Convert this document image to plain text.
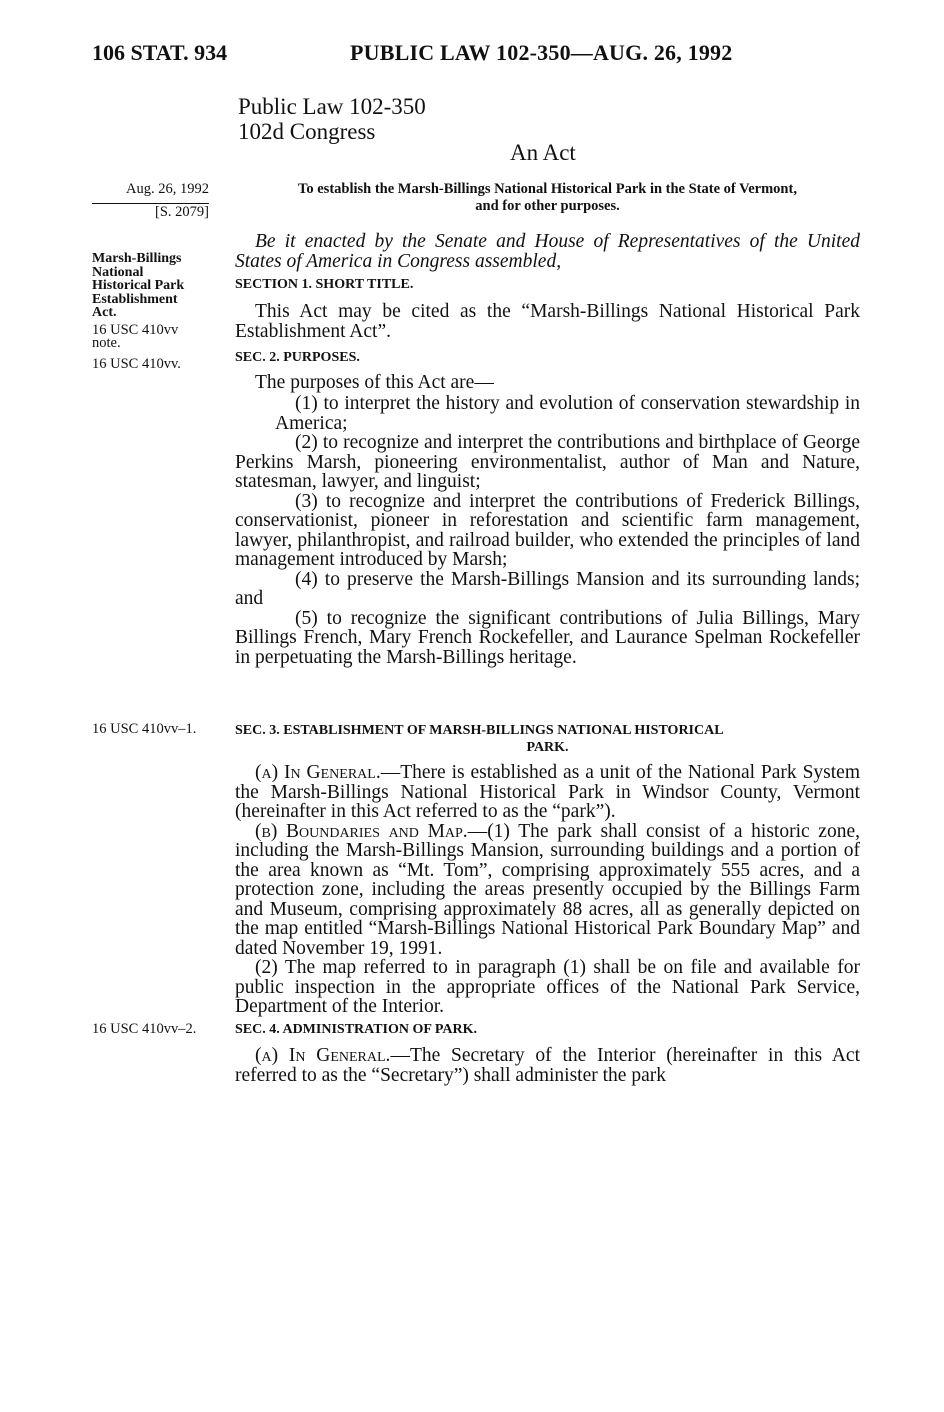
106 STAT. 934	PUBLIC LAW 102-350—AUG. 26, 1992
Public Law 102-350
102d Congress
An Act
Aug. 26, 1992
[S. 2079]
Marsh-Billings
National
Historical Park
Establishment
Act.
16 USC 410vv
note.
16 USC 410vv.
16 USC 410vv–1.
16 USC 410vv–2.
To establish the Marsh-Billings National Historical Park in the State of Vermont,
and for other purposes.
Be it enacted by the Senate and House of Representatives of the United States of America in Congress assembled,
SECTION 1. SHORT TITLE.
This Act may be cited as the “Marsh-Billings National Historical Park Establishment Act”.
SEC. 2. PURPOSES.
The purposes of this Act are—
(1) to interpret the history and evolution of conservation stewardship in America;
(2) to recognize and interpret the contributions and birthplace of George Perkins Marsh, pioneering environmentalist, author of Man and Nature, statesman, lawyer, and linguist;
(3) to recognize and interpret the contributions of Frederick Billings, conservationist, pioneer in reforestation and scientific farm management, lawyer, philanthropist, and railroad builder, who extended the principles of land management introduced by Marsh;
(4) to preserve the Marsh-Billings Mansion and its surrounding lands; and
(5) to recognize the significant contributions of Julia Billings, Mary Billings French, Mary French Rockefeller, and Laurance Spelman Rockefeller in perpetuating the Marsh-Billings heritage.
SEC. 3. ESTABLISHMENT OF MARSH-BILLINGS NATIONAL HISTORICAL
PARK.

(a) In General.—There is established as a unit of the National Park System the Marsh-Billings National Historical Park in Windsor County, Vermont (hereinafter in this Act referred to as the “park”).

(b) Boundaries and Map.—(1) The park shall consist of a historic zone, including the Marsh-Billings Mansion, surrounding buildings and a portion of the area known as “Mt. Tom”, comprising approximately 555 acres, and a protection zone, including the areas presently occupied by the Billings Farm and Museum, comprising approximately 88 acres, all as generally depicted on the map entitled “Marsh-Billings National Historical Park Boundary Map” and dated November 19, 1991.

(2) The map referred to in paragraph (1) shall be on file and available for public inspection in the appropriate offices of the National Park Service, Department of the Interior.

SEC. 4. ADMINISTRATION OF PARK.

(a) In General.—The Secretary of the Interior (hereinafter in this Act referred to as the “Secretary”) shall administer the park
